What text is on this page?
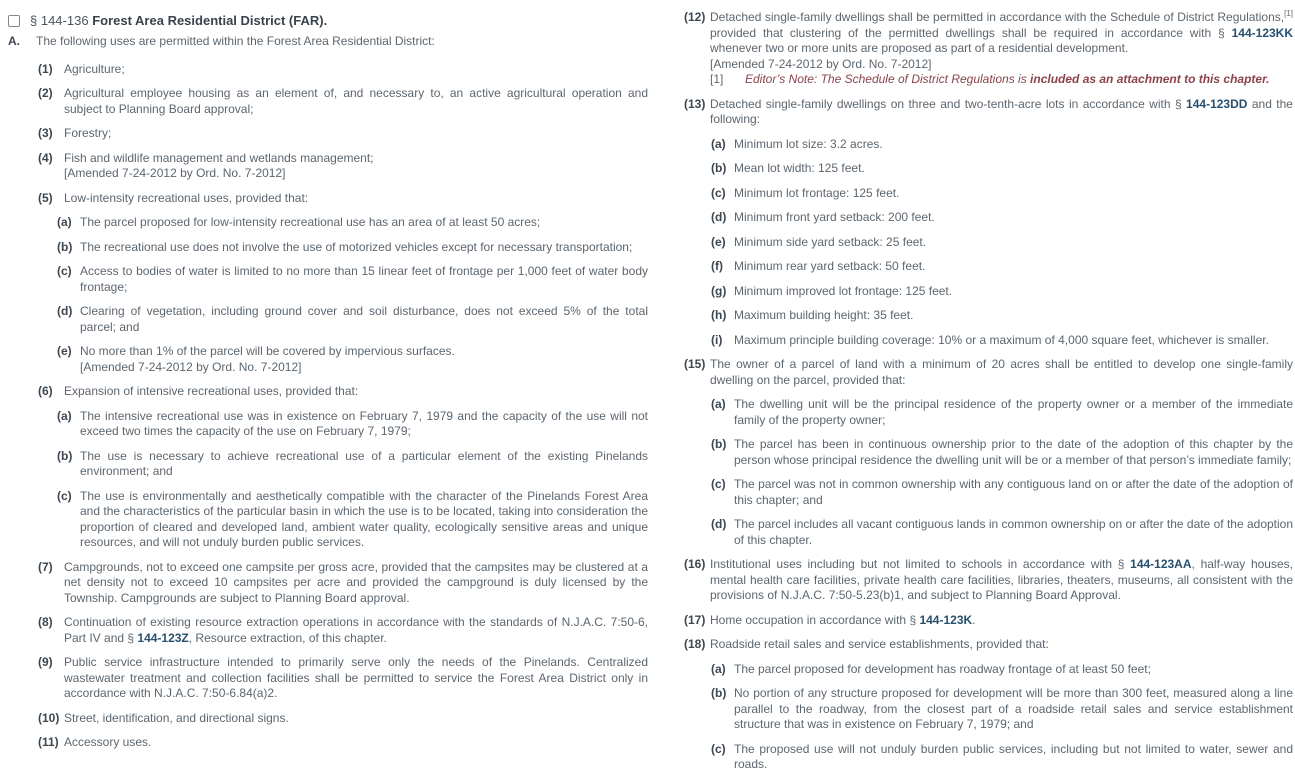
§ 144-136 Forest Area Residential District (FAR).
A.	The following uses are permitted within the Forest Area Residential District:
(1) Agriculture;
(2) Agricultural employee housing as an element of, and necessary to, an active agricultural operation and subject to Planning Board approval;
(3) Forestry;
(4) Fish and wildlife management and wetlands management;
[Amended 7-24-2012 by Ord. No. 7-2012]
(5) Low-intensity recreational uses, provided that:
(a) The parcel proposed for low-intensity recreational use has an area of at least 50 acres;
(b) The recreational use does not involve the use of motorized vehicles except for necessary transportation;
(c) Access to bodies of water is limited to no more than 15 linear feet of frontage per 1,000 feet of water body frontage;
(d) Clearing of vegetation, including ground cover and soil disturbance, does not exceed 5% of the total parcel; and
(e) No more than 1% of the parcel will be covered by impervious surfaces.
[Amended 7-24-2012 by Ord. No. 7-2012]
(6) Expansion of intensive recreational uses, provided that:
(a) The intensive recreational use was in existence on February 7, 1979 and the capacity of the use will not exceed two times the capacity of the use on February 7, 1979;
(b) The use is necessary to achieve recreational use of a particular element of the existing Pinelands environment; and
(c) The use is environmentally and aesthetically compatible with the character of the Pinelands Forest Area and the characteristics of the particular basin in which the use is to be located, taking into consideration the proportion of cleared and developed land, ambient water quality, ecologically sensitive areas and unique resources, and will not unduly burden public services.
(7) Campgrounds, not to exceed one campsite per gross acre, provided that the campsites may be clustered at a net density not to exceed 10 campsites per acre and provided the campground is duly licensed by the Township. Campgrounds are subject to Planning Board approval.
(8) Continuation of existing resource extraction operations in accordance with the standards of N.J.A.C. 7:50-6, Part IV and § 144-123Z, Resource extraction, of this chapter.
(9) Public service infrastructure intended to primarily serve only the needs of the Pinelands. Centralized wastewater treatment and collection facilities shall be permitted to service the Forest Area District only in accordance with N.J.A.C. 7:50-6.84(a)2.
(10) Street, identification, and directional signs.
(11) Accessory uses.
(12) Detached single-family dwellings shall be permitted in accordance with the Schedule of District Regulations,[1] provided that clustering of the permitted dwellings shall be required in accordance with § 144-123KK whenever two or more units are proposed as part of a residential development.
[Amended 7-24-2012 by Ord. No. 7-2012]
[1]	Editor’s Note: The Schedule of District Regulations is included as an attachment to this chapter.
(13) Detached single-family dwellings on three and two-tenth-acre lots in accordance with § 144-123DD and the following:
(a) Minimum lot size: 3.2 acres.
(b) Mean lot width: 125 feet.
(c) Minimum lot frontage: 125 feet.
(d) Minimum front yard setback: 200 feet.
(e) Minimum side yard setback: 25 feet.
(f) Minimum rear yard setback: 50 feet.
(g) Minimum improved lot frontage: 125 feet.
(h) Maximum building height: 35 feet.
(i) Maximum principle building coverage: 10% or a maximum of 4,000 square feet, whichever is smaller.
(15) The owner of a parcel of land with a minimum of 20 acres shall be entitled to develop one single-family dwelling on the parcel, provided that:
(a) The dwelling unit will be the principal residence of the property owner or a member of the immediate family of the property owner;
(b) The parcel has been in continuous ownership prior to the date of the adoption of this chapter by the person whose principal residence the dwelling unit will be or a member of that person’s immediate family;
(c) The parcel was not in common ownership with any contiguous land on or after the date of the adoption of this chapter; and
(d) The parcel includes all vacant contiguous lands in common ownership on or after the date of the adoption of this chapter.
(16) Institutional uses including but not limited to schools in accordance with § 144-123AA, half-way houses, mental health care facilities, private health care facilities, libraries, theaters, museums, all consistent with the provisions of N.J.A.C. 7:50-5.23(b)1, and subject to Planning Board Approval.
(17) Home occupation in accordance with § 144-123K.
(18) Roadside retail sales and service establishments, provided that:
(a) The parcel proposed for development has roadway frontage of at least 50 feet;
(b) No portion of any structure proposed for development will be more than 300 feet, measured along a line parallel to the roadway, from the closest part of a roadside retail sales and service establishment structure that was in existence on February 7, 1979; and
(c) The proposed use will not unduly burden public services, including but not limited to water, sewer and roads.
